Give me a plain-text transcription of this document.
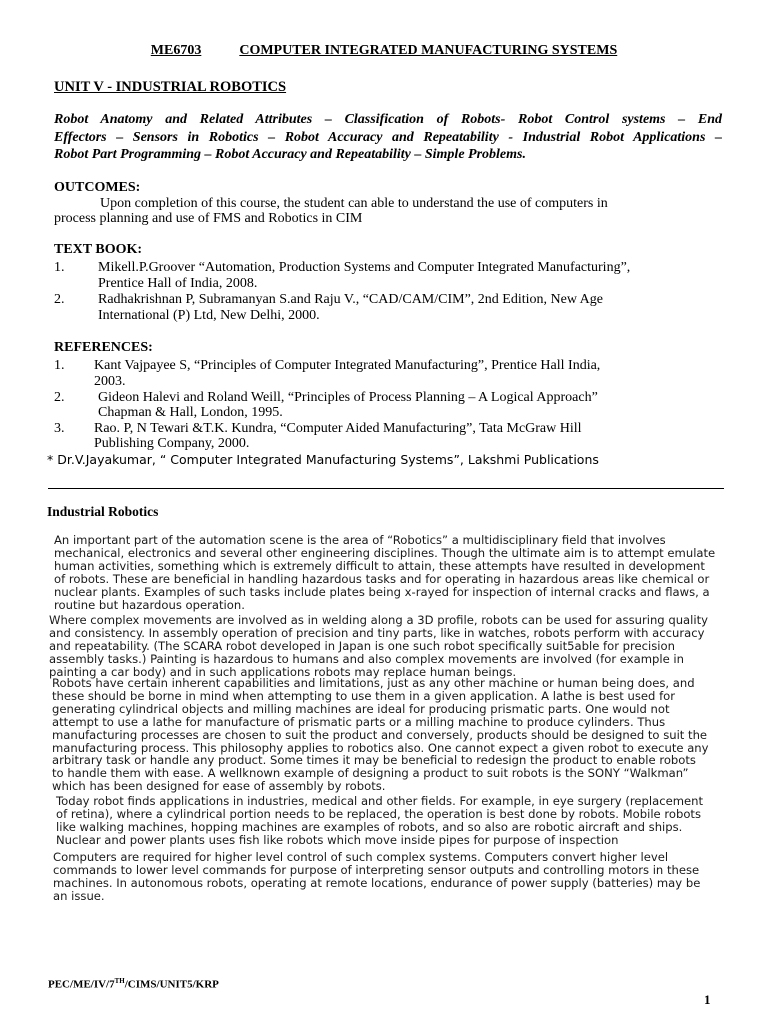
ME6703	COMPUTER INTEGRATED MANUFACTURING SYSTEMS
UNIT V - INDUSTRIAL ROBOTICS
Robot Anatomy and Related Attributes – Classification of Robots- Robot Control systems – End
Effectors – Sensors in Robotics – Robot Accuracy and Repeatability - Industrial Robot Applications –
Robot Part Programming – Robot Accuracy and Repeatability – Simple Problems.
OUTCOMES:
Upon completion of this course, the student can able to understand the use of computers in
process planning and use of FMS and Robotics in CIM
TEXT BOOK:
1. Mikell.P.Groover “Automation, Production Systems and Computer Integrated Manufacturing”,
Prentice Hall of India, 2008.
2. Radhakrishnan P, Subramanyan S.and Raju V., “CAD/CAM/CIM”, 2nd Edition, New Age
International (P) Ltd, New Delhi, 2000.
REFERENCES:
1. Kant Vajpayee S, “Principles of Computer Integrated Manufacturing”, Prentice Hall India,
2003.
2. Gideon Halevi and Roland Weill, “Principles of Process Planning – A Logical Approach”
Chapman & Hall, London, 1995.
3. Rao. P, N Tewari &T.K. Kundra, “Computer Aided Manufacturing”, Tata McGraw Hill
Publishing Company, 2000.
* Dr.V.Jayakumar, “ Computer Integrated Manufacturing Systems”, Lakshmi Publications
Industrial Robotics
An important part of the automation scene is the area of “Robotics” a multidisciplinary field that involves
mechanical, electronics and several other engineering disciplines. Though the ultimate aim is to attempt emulate
human activities, something which is extremely difficult to attain, these attempts have resulted in development
of robots. These are beneficial in handling hazardous tasks and for operating in hazardous areas like chemical or
nuclear plants. Examples of such tasks include plates being x-rayed for inspection of internal cracks and flaws, a
routine but hazardous operation.
Where complex movements are involved as in welding along a 3D profile, robots can be used for assuring quality
and consistency. In assembly operation of precision and tiny parts, like in watches, robots perform with accuracy
and repeatability. (The SCARA robot developed in Japan is one such robot specifically suit5able for precision
assembly tasks.) Painting is hazardous to humans and also complex movements are involved (for example in
painting a car body) and in such applications robots may replace human beings.
Robots have certain inherent capabilities and limitations, just as any other machine or human being does, and
these should be borne in mind when attempting to use them in a given application. A lathe is best used for
generating cylindrical objects and milling machines are ideal for producing prismatic parts. One would not
attempt to use a lathe for manufacture of prismatic parts or a milling machine to produce cylinders. Thus
manufacturing processes are chosen to suit the product and conversely, products should be designed to suit the
manufacturing process. This philosophy applies to robotics also. One cannot expect a given robot to execute any
arbitrary task or handle any product. Some times it may be beneficial to redesign the product to enable robots
to handle them with ease. A wellknown example of designing a product to suit robots is the SONY “Walkman”
which has been designed for ease of assembly by robots.
Today robot finds applications in industries, medical and other fields. For example, in eye surgery (replacement
of retina), where a cylindrical portion needs to be replaced, the operation is best done by robots. Mobile robots
like walking machines, hopping machines are examples of robots, and so also are robotic aircraft and ships.
Nuclear and power plants uses fish like robots which move inside pipes for purpose of inspection
Computers are required for higher level control of such complex systems. Computers convert higher level
commands to lower level commands for purpose of interpreting sensor outputs and controlling motors in these
machines. In autonomous robots, operating at remote locations, endurance of power supply (batteries) may be
an issue.
PEC/ME/IV/7TH/CIMS/UNIT5/KRP
1
